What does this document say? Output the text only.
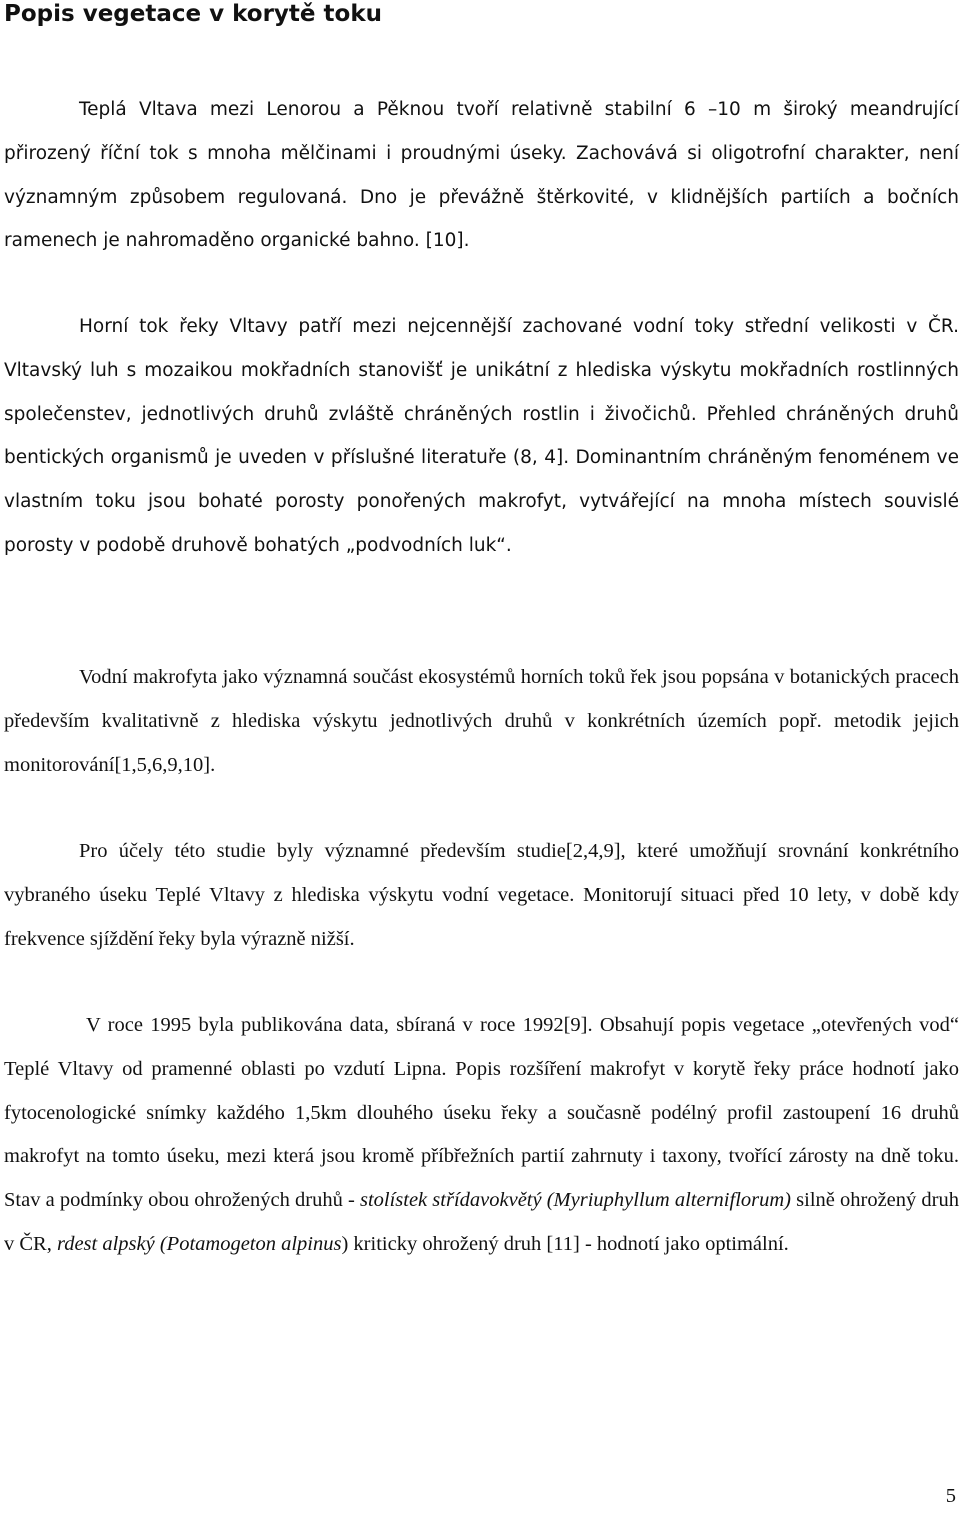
Popis vegetace v korytě toku

Teplá Vltava mezi Lenorou a Pěknou tvoří relativně stabilní 6 –10 m široký meandrující přirozený říční tok s mnoha mělčinami i proudnými úseky. Zachovává si oligotrofní charakter, není významným způsobem regulovaná. Dno je převážně štěrkovité, v klidnějších partiích a bočních ramenech je nahromaděno organické bahno. [10].

Horní tok řeky Vltavy patří mezi nejcennější zachované vodní toky střední velikosti v ČR. Vltavský luh s mozaikou mokřadních stanovišť je unikátní z hlediska výskytu mokřadních rostlinných společenstev, jednotlivých druhů zvláště chráněných rostlin i živočichů. Přehled chráněných druhů bentických organismů je uveden v příslušné literatuře (8, 4]. Dominantním chráněným fenoménem ve vlastním toku jsou bohaté porosty ponořených makrofyt, vytvářející na mnoha místech souvislé porosty v podobě druhově bohatých „podvodních luk“.

Vodní makrofyta jako významná součást ekosystémů horních toků řek jsou popsána v botanických pracech především kvalitativně z hlediska výskytu jednotlivých druhů v konkrétních územích popř. metodik jejich monitorování[1,5,6,9,10].

Pro účely této studie byly významné především studie[2,4,9], které umožňují srovnání konkrétního vybraného úseku Teplé Vltavy z hlediska výskytu vodní vegetace. Monitorují situaci před 10 lety, v době kdy frekvence sjíždění řeky byla výrazně nižší.

V roce 1995 byla publikována data, sbíraná v roce 1992[9]. Obsahují popis vegetace „otevřených vod“ Teplé Vltavy od pramenné oblasti po vzdutí Lipna. Popis rozšíření makrofyt v korytě řeky práce hodnotí jako fytocenologické snímky každého 1,5km dlouhého úseku řeky a současně podélný profil zastoupení 16 druhů makrofyt na tomto úseku, mezi která jsou kromě příbřežních partií zahrnuty i taxony, tvořící zárosty na dně toku. Stav a podmínky obou ohrožených druhů - stolístek střídavokvětý (Myriuphyllum alterniflorum) silně ohrožený druh v ČR, rdest alpský (Potamogeton alpinus) kriticky ohrožený druh [11] - hodnotí jako optimální.

5
